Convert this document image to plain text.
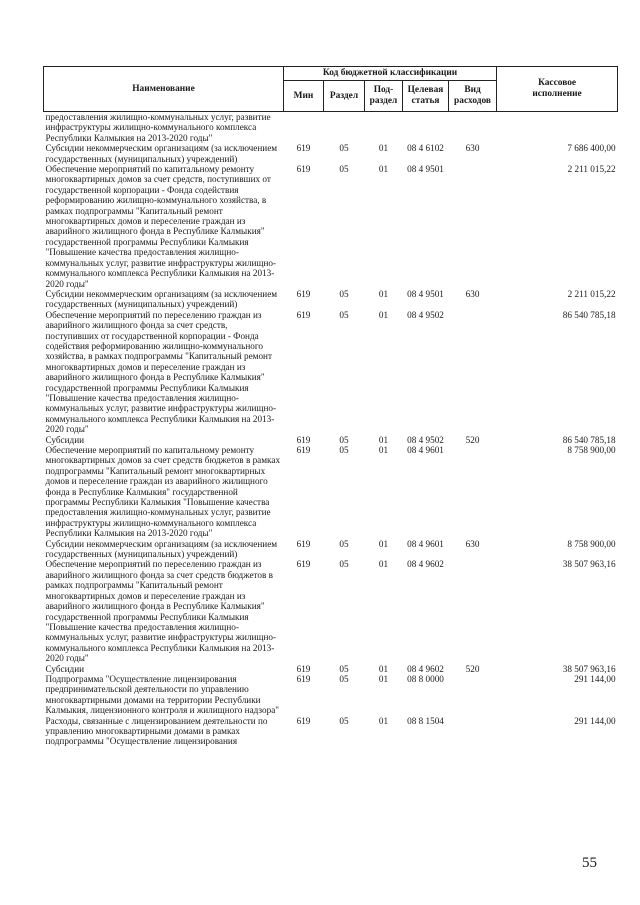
Наименование	Код бюджетной классификации					Кассовое
исполнение
	Мин	Раздел	Под-
раздел	Целевая
статья	Вид
расходов	
предоставления жилищно-коммунальных услуг, развитие инфраструктуры жилищно-коммунального комплекса Республики Калмыкия на 2013-2020 годы"						
Субсидии некоммерческим организациям (за исключением государственных (муниципальных) учреждений)	619	05	01	08 4 6102	630	7 686 400,00
Обеспечение мероприятий по капитальному ремонту многоквартирных домов за счет средств, поступивших от государственной корпорации - Фонда содействия реформированию жилищно-коммунального хозяйства, в рамках подпрограммы "Капитальный ремонт многоквартирных домов и переселение граждан из аварийного жилищного фонда в Республике Калмыкия" государственной программы Республики Калмыкия "Повышение качества предоставления жилищно-коммунальных услуг, развитие инфраструктуры жилищно-коммунального комплекса Республики Калмыкия на 2013-2020 годы"	619	05	01	08 4 9501		2 211 015,22
Субсидии некоммерческим организациям (за исключением государственных (муниципальных) учреждений)	619	05	01	08 4 9501	630	2 211 015,22
Обеспечение мероприятий по переселению граждан из аварийного жилищного фонда за счет средств, поступивших от государственной корпорации - Фонда содействия реформированию жилищно-коммунального хозяйства, в рамках подпрограммы "Капитальный ремонт многоквартирных домов и переселение граждан из аварийного жилищного фонда в Республике Калмыкия" государственной программы Республики Калмыкия "Повышение качества предоставления жилищно-коммунальных услуг, развитие инфраструктуры жилищно-коммунального комплекса Республики Калмыкия на 2013-2020 годы"	619	05	01	08 4 9502		86 540 785,18
Субсидии	619	05	01	08 4 9502	520	86 540 785,18
Обеспечение мероприятий по капитальному ремонту многоквартирных домов за счет средств бюджетов в рамках подпрограммы "Капитальный ремонт многоквартирных домов и переселение граждан из аварийного жилищного фонда в Республике Калмыкия" государственной программы Республики Калмыкия "Повышение качества предоставления жилищно-коммунальных услуг, развитие инфраструктуры жилищно-коммунального комплекса Республики Калмыкия на 2013-2020 годы"	619	05	01	08 4 9601		8 758 900,00
Субсидии некоммерческим организациям (за исключением государственных (муниципальных) учреждений)	619	05	01	08 4 9601	630	8 758 900,00
Обеспечение мероприятий по переселению граждан из аварийного жилищного фонда за счет средств бюджетов в рамках подпрограммы "Капитальный ремонт многоквартирных домов и переселение граждан из аварийного жилищного фонда в Республике Калмыкия" государственной программы Республики Калмыкия "Повышение качества предоставления жилищно-коммунальных услуг, развитие инфраструктуры жилищно-коммунального комплекса Республики Калмыкия на 2013-2020 годы"	619	05	01	08 4 9602		38 507 963,16
Субсидии	619	05	01	08 4 9602	520	38 507 963,16
Подпрограмма "Осуществление лицензирования предпринимательской деятельности по управлению многоквартирными домами на территории Республики Калмыкия, лицензионного контроля и жилищного надзора"	619	05	01	08 8 0000		291 144,00
Расходы, связанные с лицензированием деятельности по управлению многоквартирными домами в рамках подпрограммы "Осуществление лицензирования	619	05	01	08 8 1504		291 144,00
55
